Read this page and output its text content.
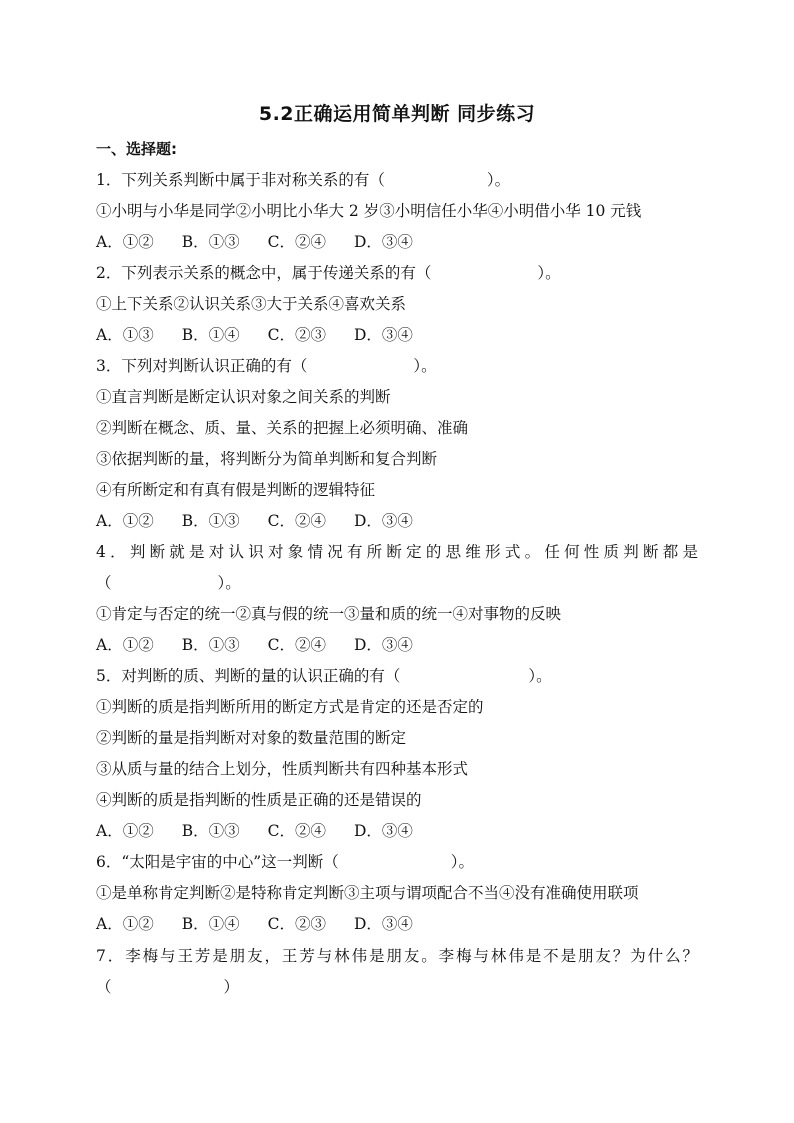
5.2正确运用简单判断 同步练习
一、选择题:
1．下列关系判断中属于非对称关系的有（	）。
①小明与小华是同学②小明比小华大 2 岁③小明信任小华④小明借小华 10 元钱
A．①② B．①③ C．②④ D．③④
2．下列表示关系的概念中，属于传递关系的有（	）。
①上下关系②认识关系③大于关系④喜欢关系
A．①③ B．①④ C．②③ D．③④
3．下列对判断认识正确的有（	）。
①直言判断是断定认识对象之间关系的判断
②判断在概念、质、量、关系的把握上必须明确、准确
③依据判断的量，将判断分为简单判断和复合判断
④有所断定和有真有假是判断的逻辑特征
A．①② B．①③ C．②④ D．③④
4．判断就是对认识对象情况有所断定的思维形式。任何性质判断都是
（	）。
①肯定与否定的统一②真与假的统一③量和质的统一④对事物的反映
A．①② B．①③ C．②④ D．③④
5．对判断的质、判断的量的认识正确的有（	）。
①判断的质是指判断所用的断定方式是肯定的还是否定的
②判断的量是指判断对对象的数量范围的断定
③从质与量的结合上划分，性质判断共有四种基本形式
④判断的质是指判断的性质是正确的还是错误的
A．①② B．①③ C．②④ D．③④
6．“太阳是宇宙的中心”这一判断（	）。
①是单称肯定判断②是特称肯定判断③主项与谓项配合不当④没有准确使用联项
A．①② B．①④ C．②③ D．③④
7．李梅与王芳是朋友，王芳与林伟是朋友。李梅与林伟是不是朋友？为什么？
（	）
